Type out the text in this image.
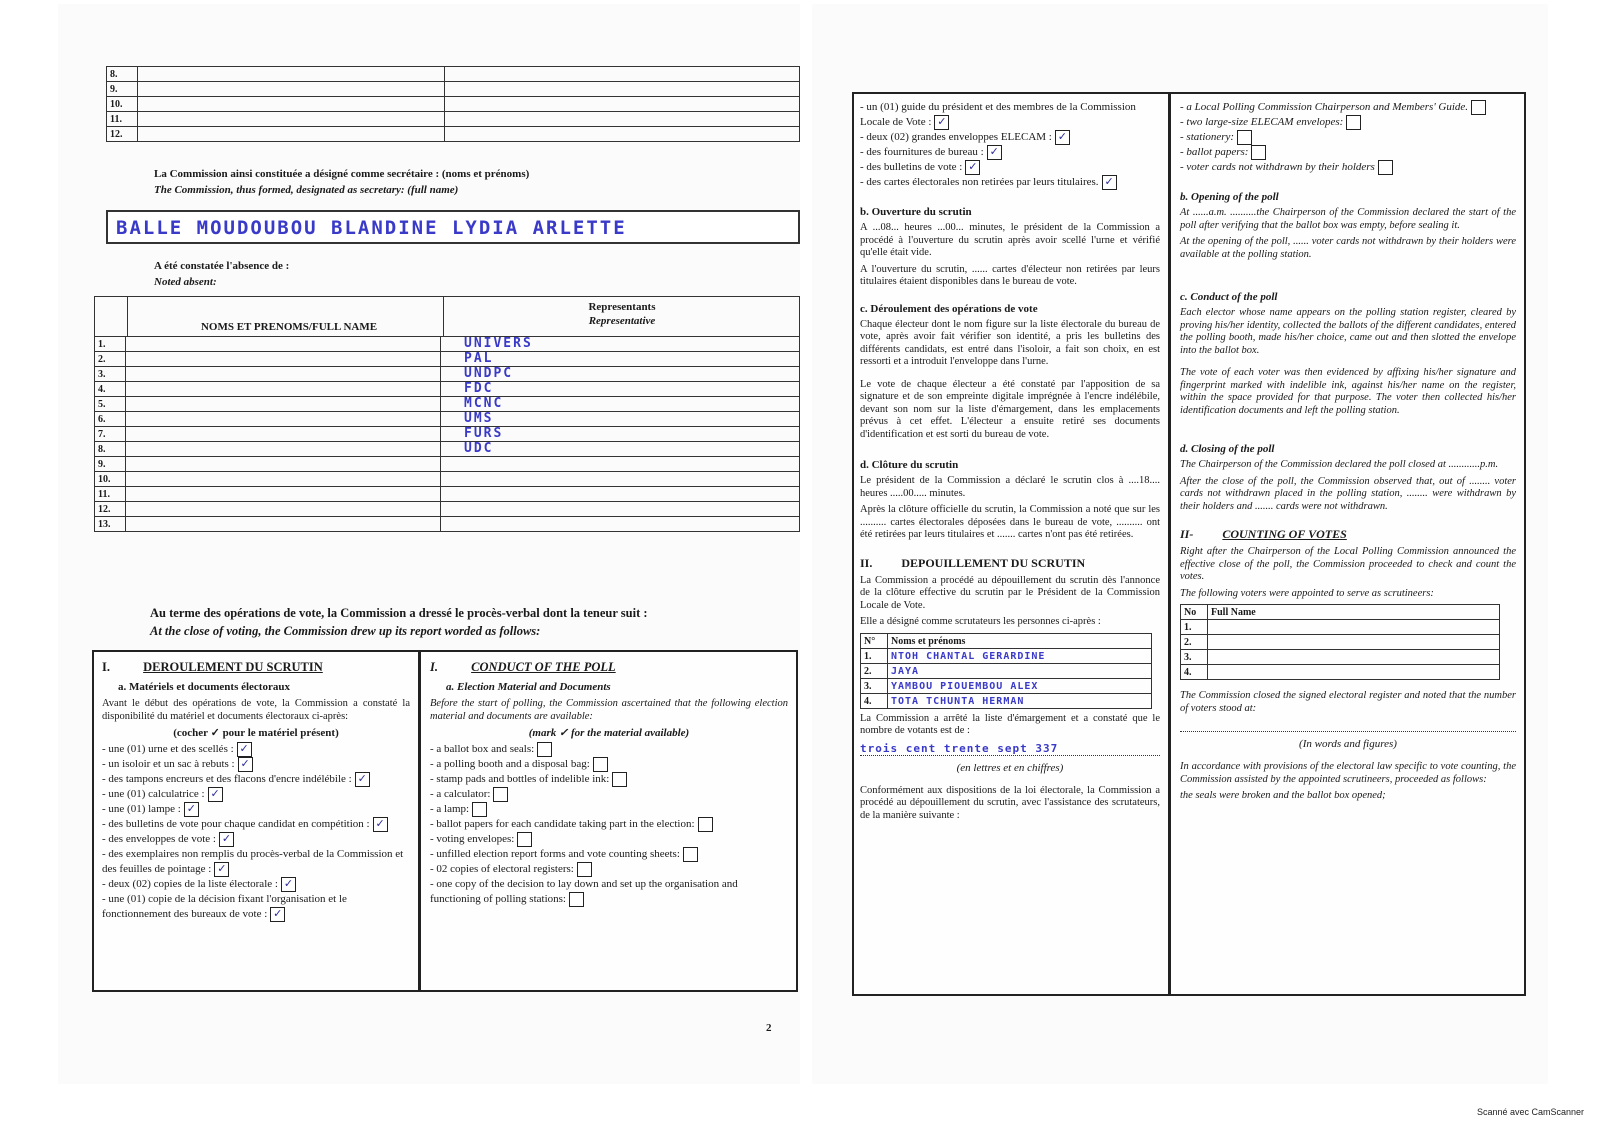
8.		
9.		
10.		
11.		
12.		
La Commission ainsi constituée a désigné comme secrétaire : (noms et prénoms)
The Commission, thus formed, designated as secretary: (full name)
BALLE MOUDOUBOU BLANDINE LYDIA ARLETTE
A été constatée l'absence de :
Noted absent:
NOMS ET PRENOMS/FULL NAME
Representants
Representative
1.		UNIVERS
2.		PAL
3.		UNDPC
4.		FDC
5.		MCNC
6.		UMS
7.		FURS
8.		UDC
9.		
10.		
11.		
12.		
13.		
Au terme des opérations de vote, la Commission a dressé le procès-verbal dont la teneur suit :
At the close of voting, the Commission drew up its report worded as follows:
I.	DEROULEMENT DU SCRUTIN
a. Matériels et documents électoraux

Avant le début des opérations de vote, la Commission a constaté la disponibilité du matériel et documents électoraux ci-après:

(cocher ✓ pour le matériel présent)
- une (01) urne et des scellés : ✓
- un isoloir et un sac à rebuts : ✓
- des tampons encreurs et des flacons d'encre indélébile : ✓
- une (01) calculatrice : ✓
- une (01) lampe : ✓
- des bulletins de vote pour chaque candidat en compétition : ✓
- des enveloppes de vote : ✓
- des exemplaires non remplis du procès-verbal de la Commission et des feuilles de pointage : ✓
- deux (02) copies de la liste électorale : ✓
- une (01) copie de la décision fixant l'organisation et le fonctionnement des bureaux de vote : ✓
I.	CONDUCT OF THE POLL
a. Election Material and Documents

Before the start of polling, the Commission ascertained that the following election material and documents are available:

(mark ✓ for the material available)
- a ballot box and seals:
- a polling booth and a disposal bag:
- stamp pads and bottles of indelible ink:
- a calculator:
- a lamp:
- ballot papers for each candidate taking part in the election:
- voting envelopes:
- unfilled election report forms and vote counting sheets:
- 02 copies of electoral registers:
- one copy of the decision to lay down and set up the organisation and functioning of polling stations:
2
- un (01) guide du président et des membres de la Commission Locale de Vote : ✓
- deux (02) grandes enveloppes ELECAM : ✓
- des fournitures de bureau : ✓
- des bulletins de vote : ✓
- des cartes électorales non retirées par leurs titulaires. ✓
b. Ouverture du scrutin

A ...08... heures ...00... minutes, le président de la Commission a procédé à l'ouverture du scrutin après avoir scellé l'urne et vérifié qu'elle était vide.

A l'ouverture du scrutin, ...... cartes d'électeur non retirées par leurs titulaires étaient disponibles dans le bureau de vote.

c. Déroulement des opérations de vote

Chaque électeur dont le nom figure sur la liste électorale du bureau de vote, après avoir fait vérifier son identité, a pris les bulletins des différents candidats, est entré dans l'isoloir, a fait son choix, en est ressorti et a introduit l'enveloppe dans l'urne.

Le vote de chaque électeur a été constaté par l'apposition de sa signature et de son empreinte digitale imprégnée à l'encre indélébile, devant son nom sur la liste d'émargement, dans les emplacements prévus à cet effet. L'électeur a ensuite retiré ses documents d'identification et est sorti du bureau de vote.

d. Clôture du scrutin

Le président de la Commission a déclaré le scrutin clos à ....18.... heures .....00..... minutes.

Après la clôture officielle du scrutin, la Commission a noté que sur les .......... cartes électorales déposées dans le bureau de vote, .......... ont été retirées par leurs titulaires et ....... cartes n'ont pas été retirées.

II. DEPOUILLEMENT DU SCRUTIN

La Commission a procédé au dépouillement du scrutin dès l'annonce de la clôture effective du scrutin par le Président de la Commission Locale de Vote.

Elle a désigné comme scrutateurs les personnes ci-après :

N°	Noms et prénoms
1.	NTOH CHANTAL GERARDINE
2.	JAYA
3.	YAMBOU PIOUEMBOU ALEX
4.	TOTA TCHUNTA HERMAN

La Commission a arrêté la liste d'émargement et a constaté que le nombre de votants est de :

trois cent trente sept 337
(en lettres et en chiffres)

Conformément aux dispositions de la loi électorale, la Commission a procédé au dépouillement du scrutin, avec l'assistance des scrutateurs, de la manière suivante :

- a Local Polling Commission Chairperson and Members' Guide.
- two large-size ELECAM envelopes:
- stationery:
- ballot papers:
- voter cards not withdrawn by their holders
b. Opening of the poll

At ......a.m. ..........the Chairperson of the Commission declared the start of the poll after verifying that the ballot box was empty, before sealing it.

At the opening of the poll, ...... voter cards not withdrawn by their holders were available at the polling station.

c. Conduct of the poll

Each elector whose name appears on the polling station register, cleared by proving his/her identity, collected the ballots of the different candidates, entered the polling booth, made his/her choice, came out and then slotted the envelope into the ballot box.

The vote of each voter was then evidenced by affixing his/her signature and fingerprint marked with indelible ink, against his/her name on the register, within the space provided for that purpose. The voter then collected his/her identification documents and left the polling station.

d. Closing of the poll

The Chairperson of the Commission declared the poll closed at ............p.m.

After the close of the poll, the Commission observed that, out of ........ voter cards not withdrawn placed in the polling station, ........ were withdrawn by their holders and ....... cards were not withdrawn.

II- COUNTING OF VOTES

Right after the Chairperson of the Local Polling Commission announced the effective close of the poll, the Commission proceeded to check and count the votes.

The following voters were appointed to serve as scrutineers:

No	Full Name
1.	
2.	
3.	
4.	

The Commission closed the signed electoral register and noted that the number of voters stood at:

(In words and figures)

In accordance with provisions of the electoral law specific to vote counting, the Commission assisted by the appointed scrutineers, proceeded as follows:

the seals were broken and the ballot box opened;

Scanné avec CamScanner
